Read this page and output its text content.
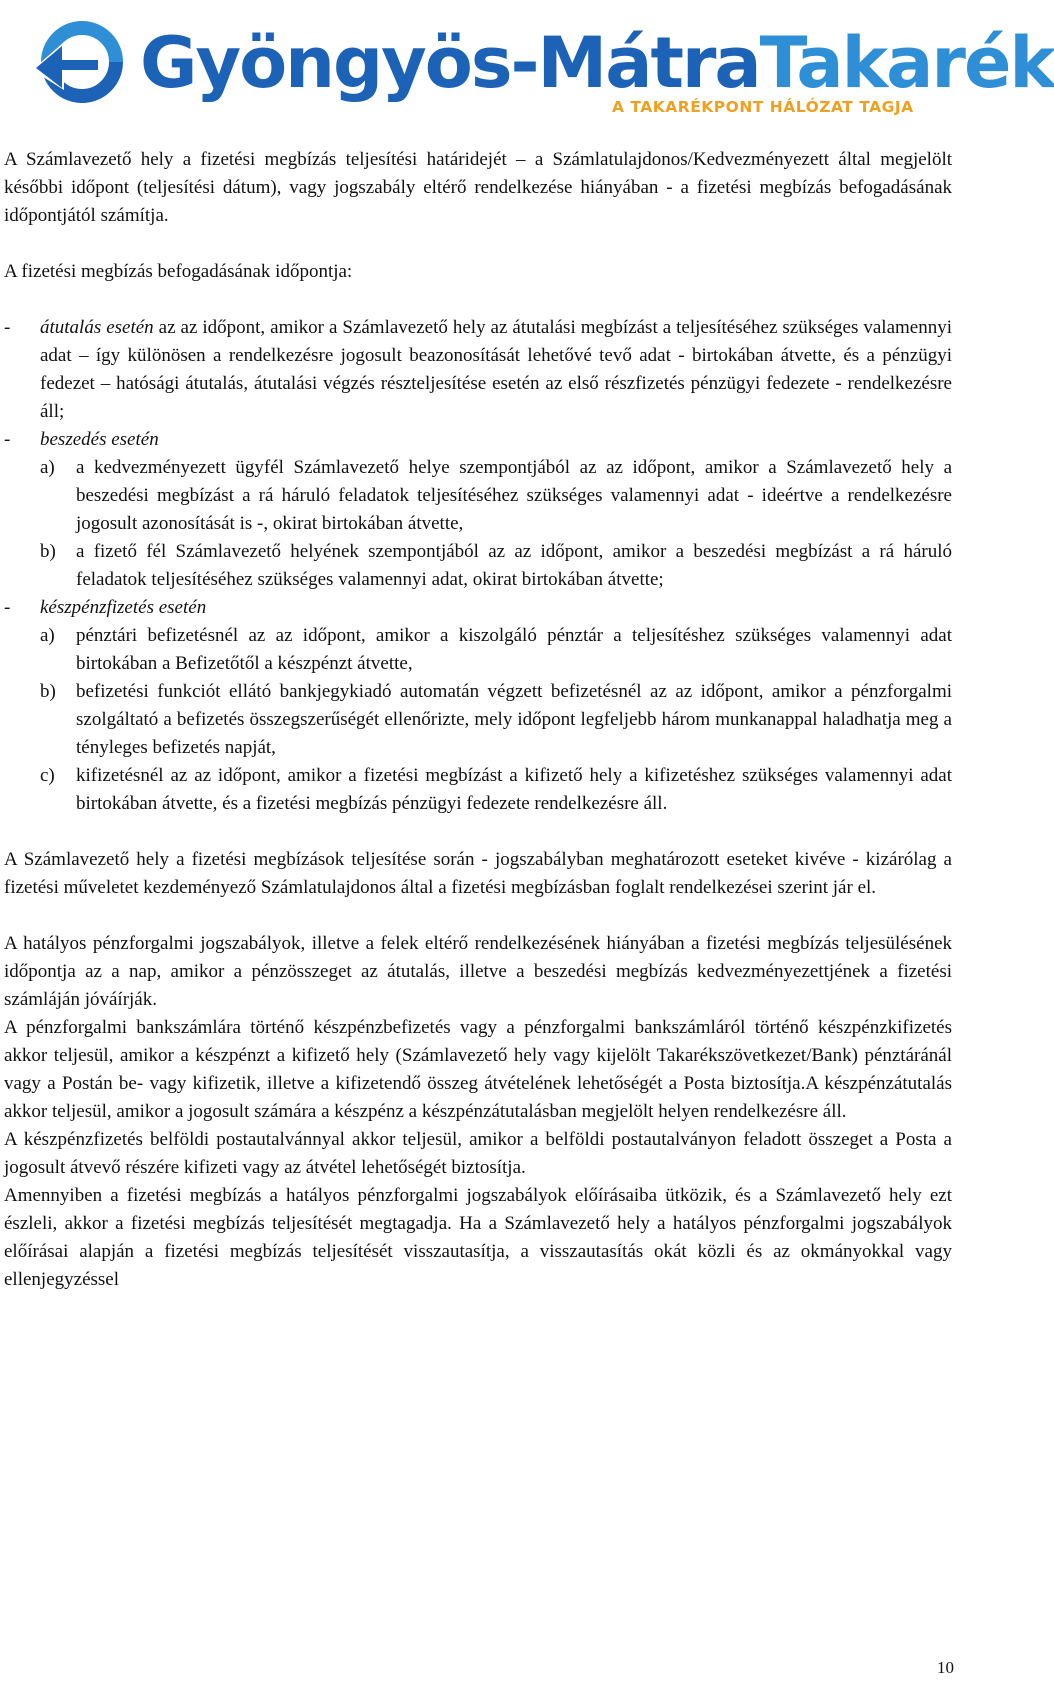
Gyöngyös-MátraTakarék
A TAKARÉKPONT HÁLÓZAT TAGJA

A Számlavezető hely a fizetési megbízás teljesítési határidejét – a Számlatulajdonos/Kedvezményezett által megjelölt későbbi időpont (teljesítési dátum), vagy jogszabály eltérő rendelkezése hiányában - a fizetési megbízás befogadásának időpontjától számítja.

A fizetési megbízás befogadásának időpontja:

-	átutalás esetén az az időpont, amikor a Számlavezető hely az átutalási megbízást a teljesítéséhez szükséges valamennyi adat – így különösen a rendelkezésre jogosult beazonosítását lehetővé tevő adat - birtokában átvette, és a pénzügyi fedezet – hatósági átutalás, átutalási végzés részteljesítése esetén az első részfizetés pénzügyi fedezete - rendelkezésre áll;
-	beszedés esetén
a)	a kedvezményezett ügyfél Számlavezető helye szempontjából az az időpont, amikor a Számlavezető hely a beszedési megbízást a rá háruló feladatok teljesítéséhez szükséges valamennyi adat - ideértve a rendelkezésre jogosult azonosítását is -, okirat birtokában átvette,
b)	a fizető fél Számlavezető helyének szempontjából az az időpont, amikor a beszedési megbízást a rá háruló feladatok teljesítéséhez szükséges valamennyi adat, okirat birtokában átvette;
-	készpénzfizetés esetén
a)	pénztári befizetésnél az az időpont, amikor a kiszolgáló pénztár a teljesítéshez szükséges valamennyi adat birtokában a Befizetőtől a készpénzt átvette,
b)	befizetési funkciót ellátó bankjegykiadó automatán végzett befizetésnél az az időpont, amikor a pénzforgalmi szolgáltató a befizetés összegszerűségét ellenőrizte, mely időpont legfeljebb három munkanappal haladhatja meg a tényleges befizetés napját,
c)	kifizetésnél az az időpont, amikor a fizetési megbízást a kifizető hely a kifizetéshez szükséges valamennyi adat birtokában átvette, és a fizetési megbízás pénzügyi fedezete rendelkezésre áll.

A Számlavezető hely a fizetési megbízások teljesítése során - jogszabályban meghatározott eseteket kivéve - kizárólag a fizetési műveletet kezdeményező Számlatulajdonos által a fizetési megbízásban foglalt rendelkezései szerint jár el.

A hatályos pénzforgalmi jogszabályok, illetve a felek eltérő rendelkezésének hiányában a fizetési megbízás teljesülésének időpontja az a nap, amikor a pénzösszeget az átutalás, illetve a beszedési megbízás kedvezményezettjének a fizetési számláján jóváírják.

A pénzforgalmi bankszámlára történő készpénzbefizetés vagy a pénzforgalmi bankszámláról történő készpénzkifizetés akkor teljesül, amikor a készpénzt a kifizető hely (Számlavezető hely vagy kijelölt Takarékszövetkezet/Bank) pénztáránál vagy a Postán be- vagy kifizetik, illetve a kifizetendő összeg átvételének lehetőségét a Posta biztosítja.A készpénzátutalás akkor teljesül, amikor a jogosult számára a készpénz a készpénzátutalásban megjelölt helyen rendelkezésre áll.

A készpénzfizetés belföldi postautalvánnyal akkor teljesül, amikor a belföldi postautalványon feladott összeget a Posta a jogosult átvevő részére kifizeti vagy az átvétel lehetőségét biztosítja.

Amennyiben a fizetési megbízás a hatályos pénzforgalmi jogszabályok előírásaiba ütközik, és a Számlavezető hely ezt észleli, akkor a fizetési megbízás teljesítését megtagadja. Ha a Számlavezető hely a hatályos pénzforgalmi jogszabályok előírásai alapján a fizetési megbízás teljesítését visszautasítja, a visszautasítás okát közli és az okmányokkal vagy ellenjegyzéssel

10
